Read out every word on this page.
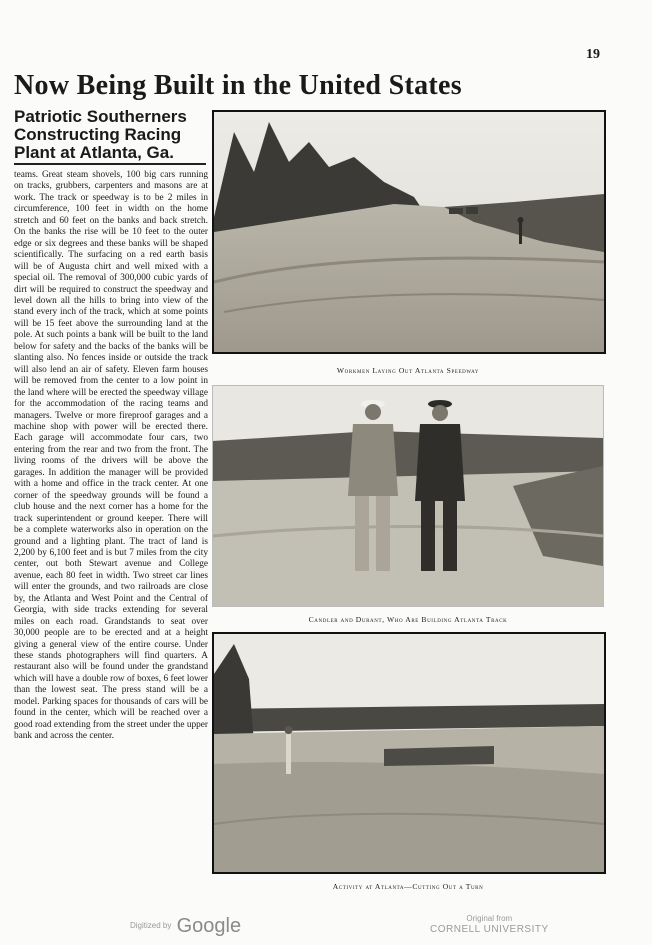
19
Now Being Built in the United States
Patriotic Southerners
Constructing Racing
Plant at Atlanta, Ga.

teams. Great steam shovels, 100 big cars running on tracks, grubbers, carpenters and masons are at work. The track or speedway is to be 2 miles in circumference, 100 feet in width on the home stretch and 60 feet on the banks and back stretch. On the banks the rise will be 10 feet to the outer edge or six degrees and these banks will be shaped scientifically. The surfacing on a red earth basis will be of Augusta chirt and well mixed with a special oil. The removal of 300,000 cubic yards of dirt will be required to construct the speedway and level down all the hills to bring into view of the stand every inch of the track, which at some points will be 15 feet above the surrounding land at the pole. At such points a bank will be built to the land below for safety and the backs of the banks will be slanting also. No fences inside or outside the track will also lend an air of safety. Eleven farm houses will be removed from the center to a low point in the land where will be erected the speedway village for the accommodation of the racing teams and managers. Twelve or more fireproof garages and a machine shop with power will be erected there. Each garage will accommodate four cars, two entering from the rear and two from the front. The living rooms of the drivers will be above the garages. In addition the manager will be provided with a home and office in the track center. At one corner of the speedway grounds will be found a club house and the next corner has a home for the track superintendent or ground keeper. There will be a complete waterworks also in operation on the ground and a lighting plant. The tract of land is 2,200 by 6,100 feet and is but 7 miles from the city center, out both Stewart avenue and College avenue, each 80 feet in width. Two street car lines will enter the grounds, and two railroads are close by, the Atlanta and West Point and the Central of Georgia, with side tracks extending for several miles on each road. Grandstands to seat over 30,000 people are to be erected and at a height giving a general view of the entire course. Under these stands photographers will find quarters. A restaurant also will be found under the grandstand which will have a double row of boxes, 6 feet lower than the lowest seat. The press stand will be a model. Parking spaces for thousands of cars will be found in the center, which will be reached over a good road extending from the street under the upper bank and across the center.

Workmen Laying Out Atlanta Speedway
Candler and Durant, Who Are Building Atlanta Track
Activity at Atlanta—Cutting Out a Turn
Digitized by Google	Original from
CORNELL UNIVERSITY
